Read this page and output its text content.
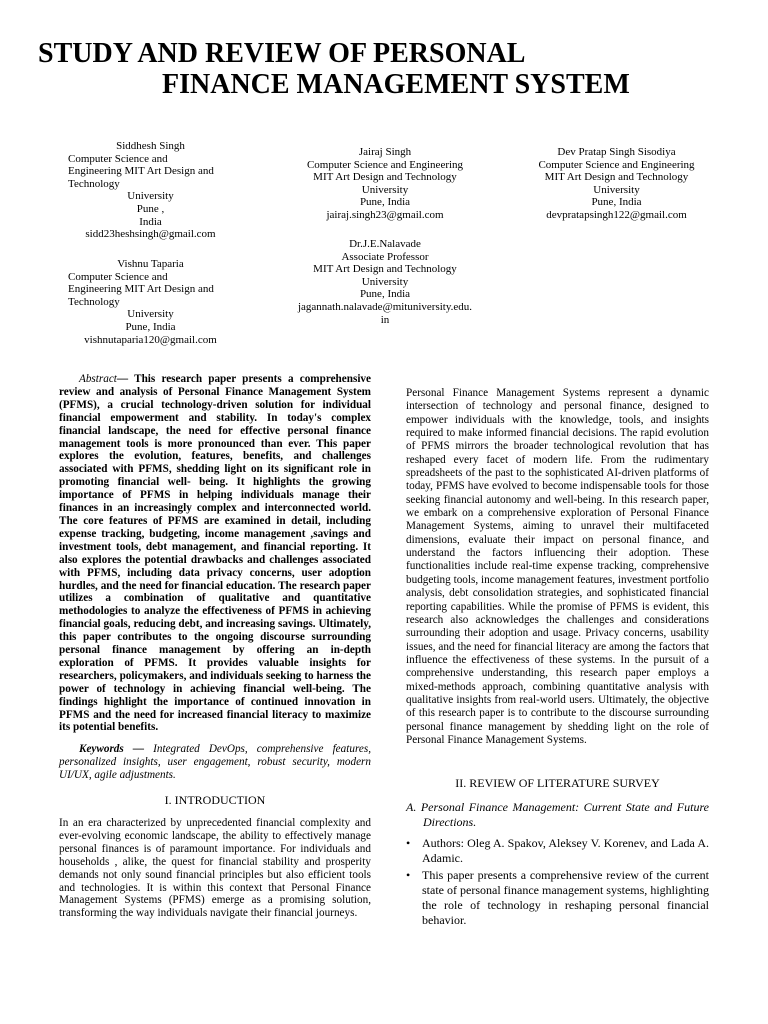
STUDY AND REVIEW OF PERSONAL
FINANCE MANAGEMENT SYSTEM
Siddhesh Singh
Computer Science and
Engineering MIT Art Design and
Technology
University
Pune ,
India
sidd23heshsingh@gmail.com
Vishnu Taparia
Computer Science and
Engineering MIT Art Design and
Technology
University
Pune, India
vishnutaparia120@gmail.com
Jairaj Singh
Computer Science and Engineering
MIT Art Design and Technology
University
Pune, India
jairaj.singh23@gmail.com
Dr.J.E.Nalavade
Associate Professor
MIT Art Design and Technology
University
Pune, India
jagannath.nalavade@mituniversity.edu.
in
Dev Pratap Singh Sisodiya
Computer Science and Engineering
MIT Art Design and Technology
University
Pune, India
devpratapsingh122@gmail.com

Abstract— This research paper presents a comprehensive review and analysis of Personal Finance Management System (PFMS), a crucial technology-driven solution for individual financial empowerment and stability. In today's complex financial landscape, the need for effective personal finance management tools is more pronounced than ever. This paper explores the evolution, features, benefits, and challenges associated with PFMS, shedding light on its significant role in promoting financial well- being. It highlights the growing importance of PFMS in helping individuals manage their finances in an increasingly complex and interconnected world. The core features of PFMS are examined in detail, including expense tracking, budgeting, income management ,savings and investment tools, debt management, and financial reporting. It also explores the potential drawbacks and challenges associated with PFMS, including data privacy concerns, user adoption hurdles, and the need for financial education. The research paper utilizes a combination of qualitative and quantitative methodologies to analyze the effectiveness of PFMS in achieving financial goals, reducing debt, and increasing savings. Ultimately, this paper contributes to the ongoing discourse surrounding personal finance management by offering an in-depth exploration of PFMS. It provides valuable insights for researchers, policymakers, and individuals seeking to harness the power of technology in achieving financial well-being. The findings highlight the importance of continued innovation in PFMS and the need for increased financial literacy to maximize its potential benefits.

Keywords — Integrated DevOps, comprehensive features, personalized insights, user engagement, robust security, modern UI/UX, agile adjustments.

I. INTRODUCTION

In an era characterized by unprecedented financial complexity and ever-evolving economic landscape, the ability to effectively manage personal finances is of paramount importance. For individuals and households , alike, the quest for financial stability and prosperity demands not only sound financial principles but also efficient tools and technologies. It is within this context that Personal Finance Management Systems (PFMS) emerge as a promising solution, transforming the way individuals navigate their financial journeys.

Personal Finance Management Systems represent a dynamic intersection of technology and personal finance, designed to empower individuals with the knowledge, tools, and insights required to make informed financial decisions. The rapid evolution of PFMS mirrors the broader technological revolution that has reshaped every facet of modern life. From the rudimentary spreadsheets of the past to the sophisticated AI-driven platforms of today, PFMS have evolved to become indispensable tools for those seeking financial autonomy and well-being. In this research paper, we embark on a comprehensive exploration of Personal Finance Management Systems, aiming to unravel their multifaceted dimensions, evaluate their impact on personal finance, and understand the factors influencing their adoption. These functionalities include real-time expense tracking, comprehensive budgeting tools, income management features, investment portfolio analysis, debt consolidation strategies, and sophisticated financial reporting capabilities. While the promise of PFMS is evident, this research also acknowledges the challenges and considerations surrounding their adoption and usage. Privacy concerns, usability issues, and the need for financial literacy are among the factors that influence the effectiveness of these systems. In the pursuit of a comprehensive understanding, this research paper employs a mixed-methods approach, combining quantitative analysis with qualitative insights from real-world users. Ultimately, the objective of this research paper is to contribute to the discourse surrounding personal finance management by shedding light on the role of Personal Finance Management Systems.

II. REVIEW OF LITERATURE SURVEY

A. Personal Finance Management: Current State and Future Directions.

• Authors: Oleg A. Spakov, Aleksey V. Korenev, and Lada A. Adamic.
• This paper presents a comprehensive review of the current state of personal finance management systems, highlighting the role of technology in reshaping personal financial behavior.
